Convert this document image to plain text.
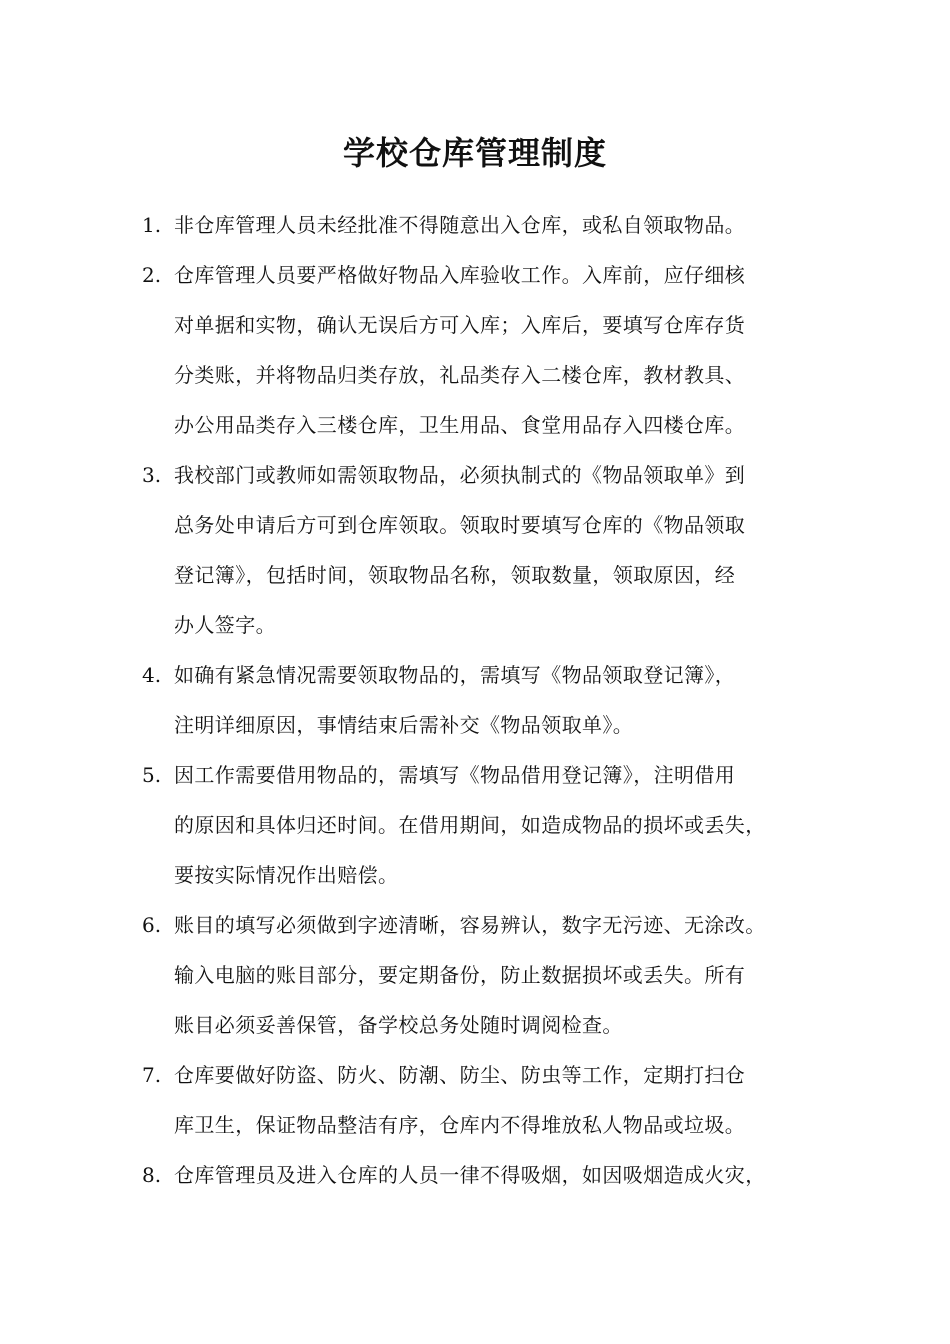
学校仓库管理制度
1. 非仓库管理人员未经批准不得随意出入仓库，或私自领取物品。
2. 仓库管理人员要严格做好物品入库验收工作。入库前，应仔细核
对单据和实物，确认无误后方可入库；入库后，要填写仓库存货
分类账，并将物品归类存放，礼品类存入二楼仓库，教材教具、
办公用品类存入三楼仓库，卫生用品、食堂用品存入四楼仓库。
3. 我校部门或教师如需领取物品，必须执制式的《物品领取单》到
总务处申请后方可到仓库领取。领取时要填写仓库的《物品领取
登记簿》，包括时间，领取物品名称，领取数量，领取原因，经
办人签字。
4. 如确有紧急情况需要领取物品的，需填写《物品领取登记簿》，
注明详细原因，事情结束后需补交《物品领取单》。
5. 因工作需要借用物品的，需填写《物品借用登记簿》，注明借用
的原因和具体归还时间。在借用期间，如造成物品的损坏或丢失，
要按实际情况作出赔偿。
6. 账目的填写必须做到字迹清晰，容易辨认，数字无污迹、无涂改。
输入电脑的账目部分，要定期备份，防止数据损坏或丢失。所有
账目必须妥善保管，备学校总务处随时调阅检查。
7. 仓库要做好防盗、防火、防潮、防尘、防虫等工作，定期打扫仓
库卫生，保证物品整洁有序，仓库内不得堆放私人物品或垃圾。
8. 仓库管理员及进入仓库的人员一律不得吸烟，如因吸烟造成火灾，
